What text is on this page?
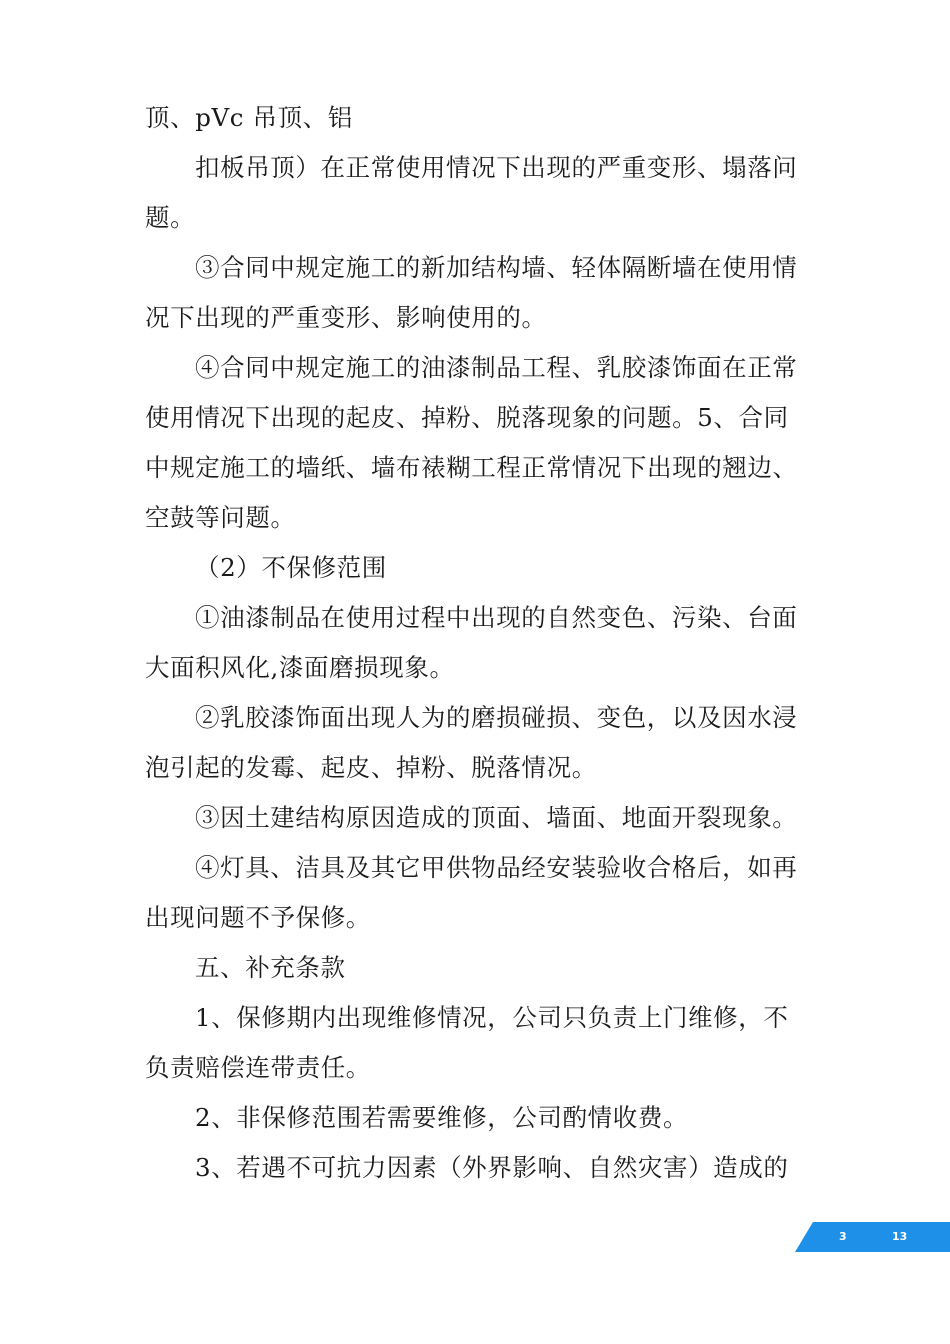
顶、pVc 吊顶、铝
扣板吊顶）在正常使用情况下出现的严重变形、塌落问
题。
③合同中规定施工的新加结构墙、轻体隔断墙在使用情
况下出现的严重变形、影响使用的。
④合同中规定施工的油漆制品工程、乳胶漆饰面在正常
使用情况下出现的起皮、掉粉、脱落现象的问题。5、合同
中规定施工的墙纸、墙布裱糊工程正常情况下出现的翘边、
空鼓等问题。
（2）不保修范围
①油漆制品在使用过程中出现的自然变色、污染、台面
大面积风化,漆面磨损现象。
②乳胶漆饰面出现人为的磨损碰损、变色，以及因水浸
泡引起的发霉、起皮、掉粉、脱落情况。
③因土建结构原因造成的顶面、墙面、地面开裂现象。
④灯具、洁具及其它甲供物品经安装验收合格后，如再
出现问题不予保修。
五、补充条款
1、保修期内出现维修情况，公司只负责上门维修，不
负责赔偿连带责任。
2、非保修范围若需要维修，公司酌情收费。
3、若遇不可抗力因素（外界影响、自然灾害）造成的
3	13
